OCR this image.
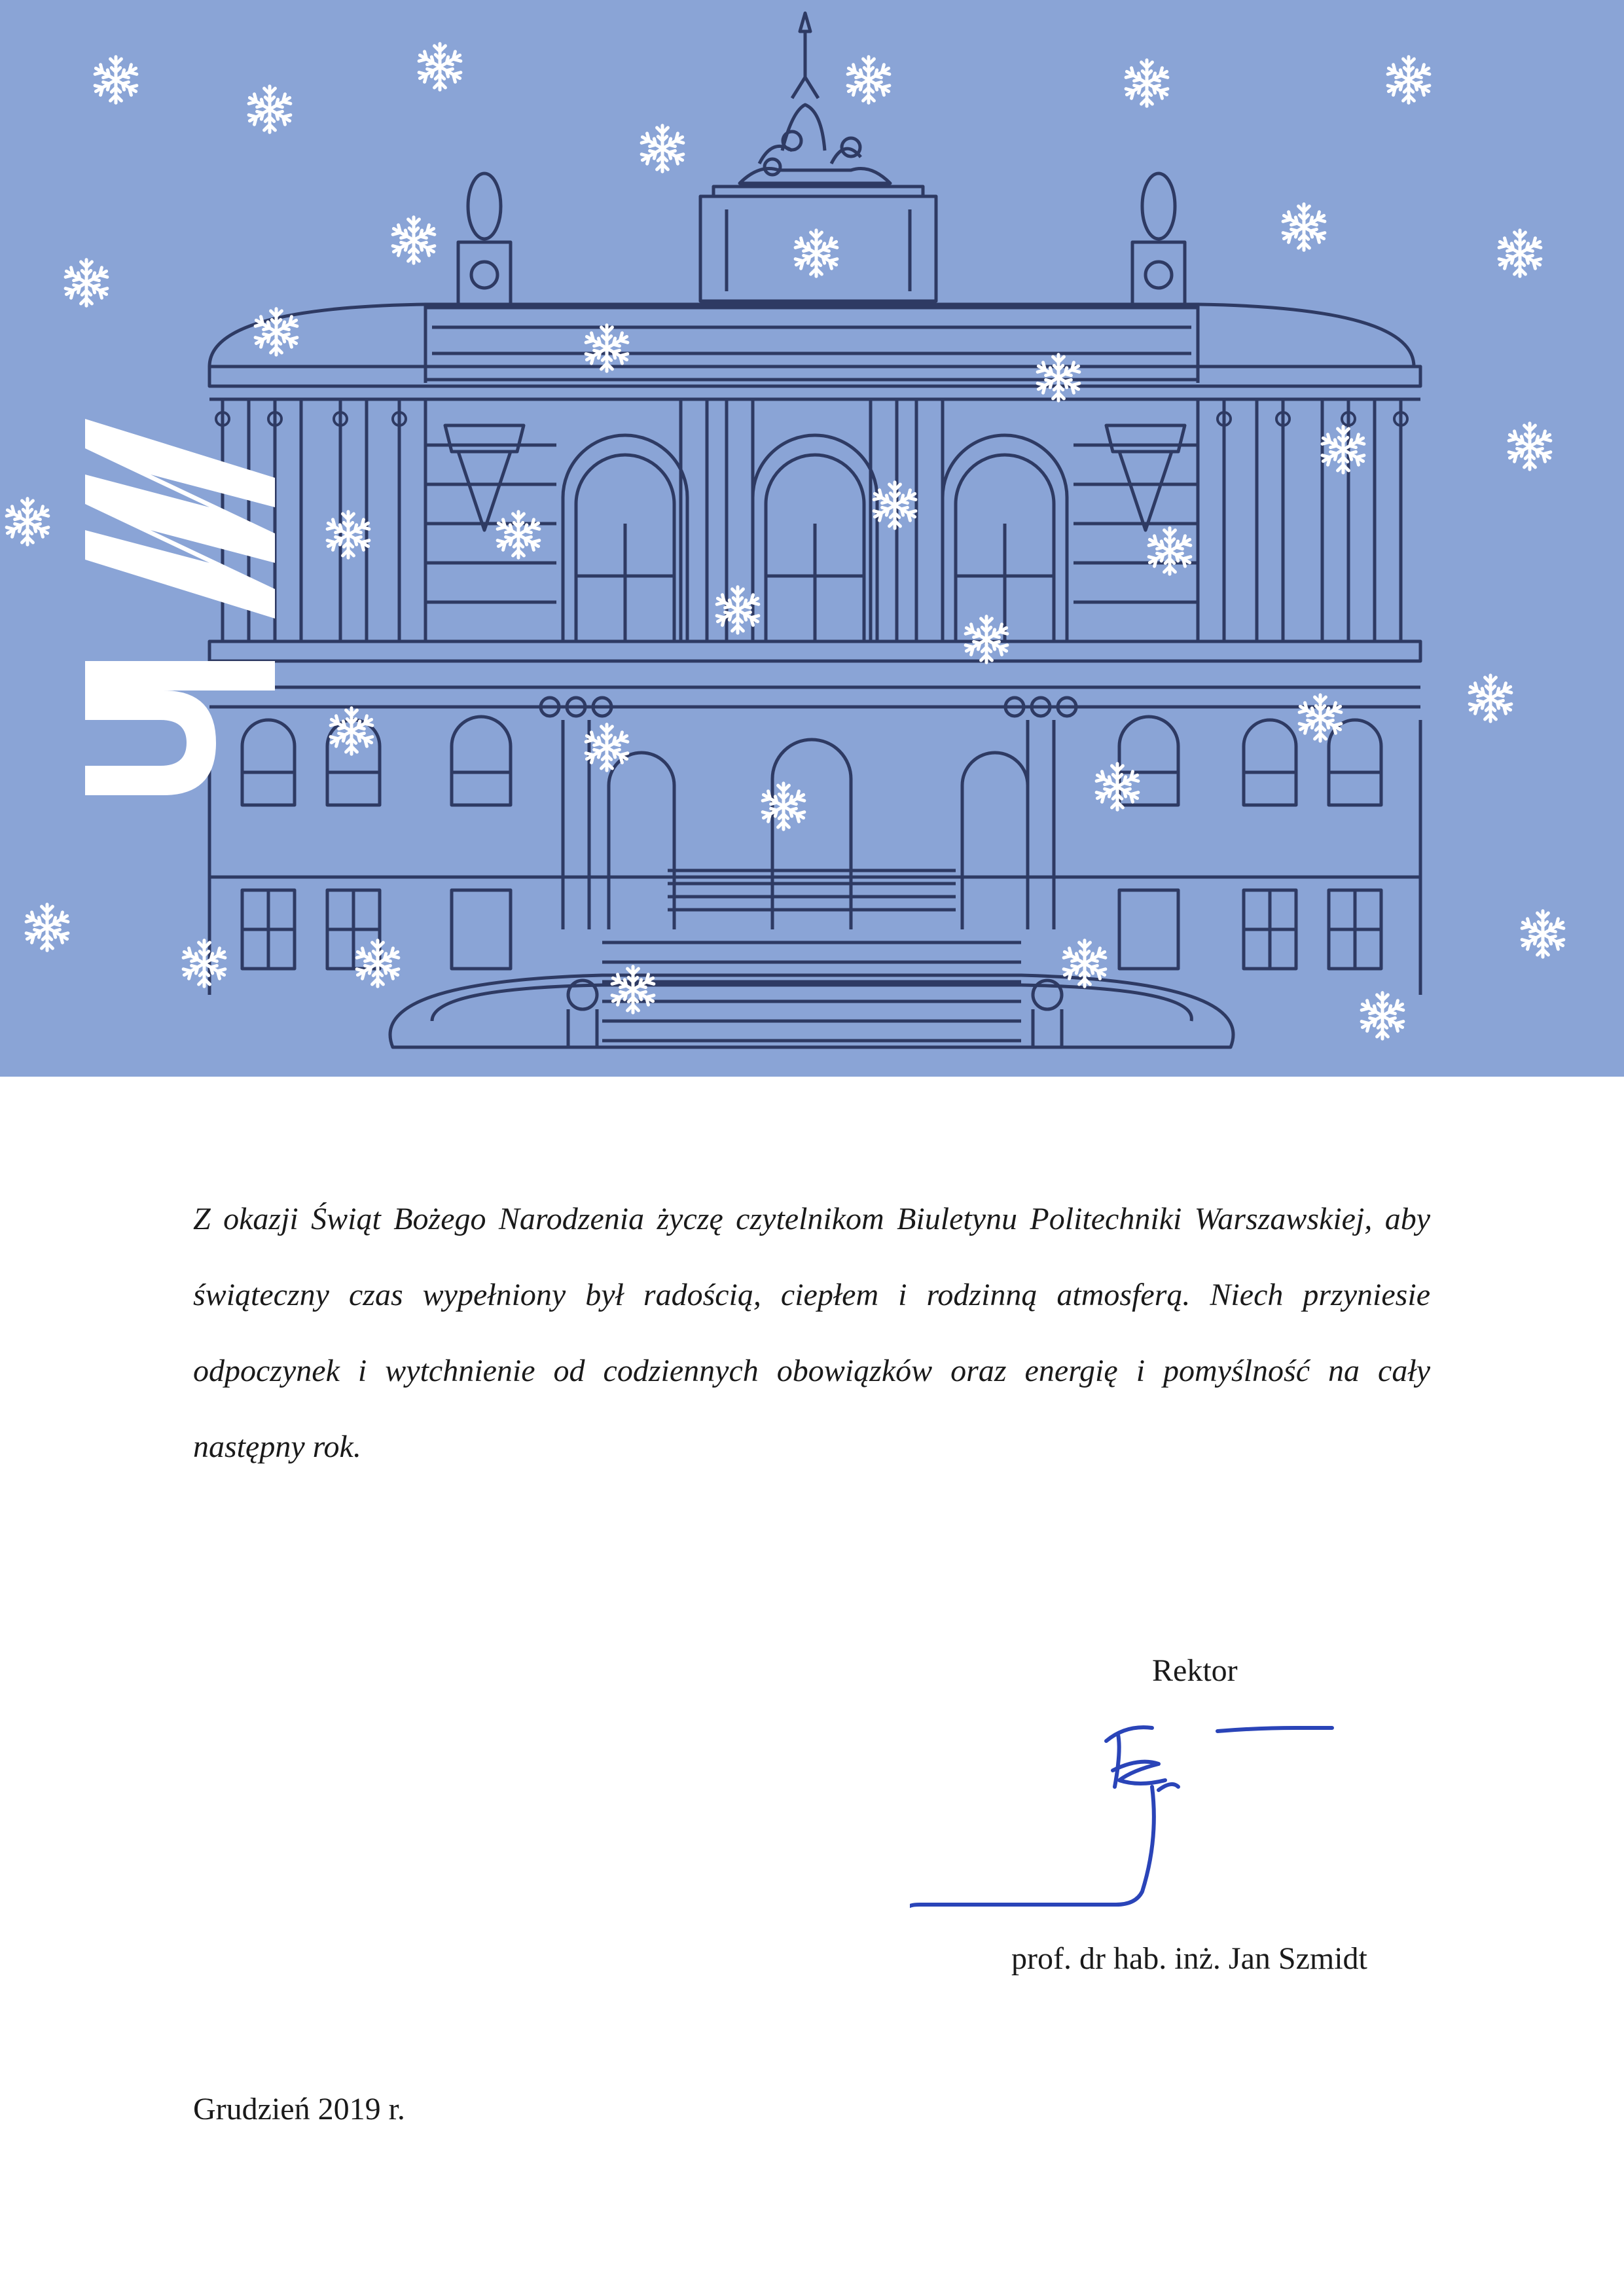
Z okazji Świąt Bożego Narodzenia życzę czytelnikom Biuletynu Politechniki Warszawskiej, aby świąteczny czas wypełniony był radością, ciepłem i rodzinną atmosferą. Niech przyniesie odpoczynek i wytchnienie od codziennych obowiązków oraz energię i pomyślność na cały następny rok.

Rektor
prof. dr hab. inż. Jan Szmidt
Grudzień 2019 r.
